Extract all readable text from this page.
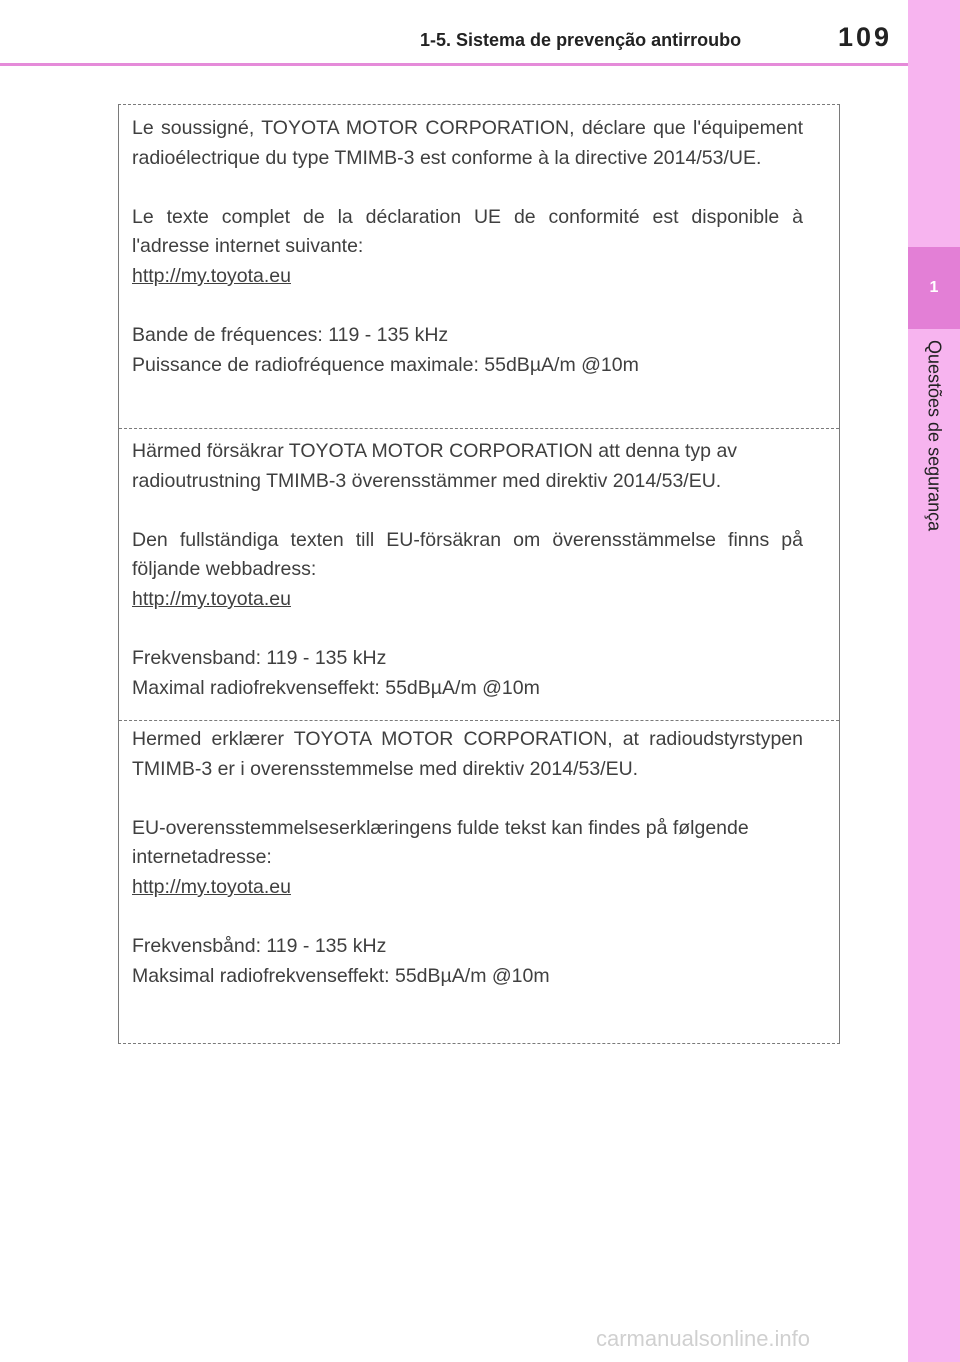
1
Questões de segurança
1-5. Sistema de prevenção antirroubo	109

Le soussigné, TOYOTA MOTOR CORPORATION, déclare que l'équipement radioélectrique du type TMIMB-3 est conforme à la directive 2014/53/UE.

Le texte complet de la déclaration UE de conformité est disponible à l'adresse internet suivante:

http://my.toyota.eu

Bande de fréquences: 119 - 135 kHz

Puissance de radiofréquence maximale: 55dBµA/m @10m

Härmed försäkrar TOYOTA MOTOR CORPORATION att denna typ av radioutrustning TMIMB-3 överensstämmer med direktiv 2014/53/EU.

Den fullständiga texten till EU-försäkran om överensstämmelse finns på följande webbadress:

http://my.toyota.eu

Frekvensband: 119 - 135 kHz

Maximal radiofrekvenseffekt: 55dBµA/m @10m

Hermed erklærer TOYOTA MOTOR CORPORATION, at radioudstyrstypen TMIMB-3 er i overensstemmelse med direktiv 2014/53/EU.

EU-overensstemmelseserklæringens fulde tekst kan findes på følgende internetadresse:

http://my.toyota.eu

Frekvensbånd: 119 - 135 kHz

Maksimal radiofrekvenseffekt: 55dBµA/m @10m

carmanualsonline.info
